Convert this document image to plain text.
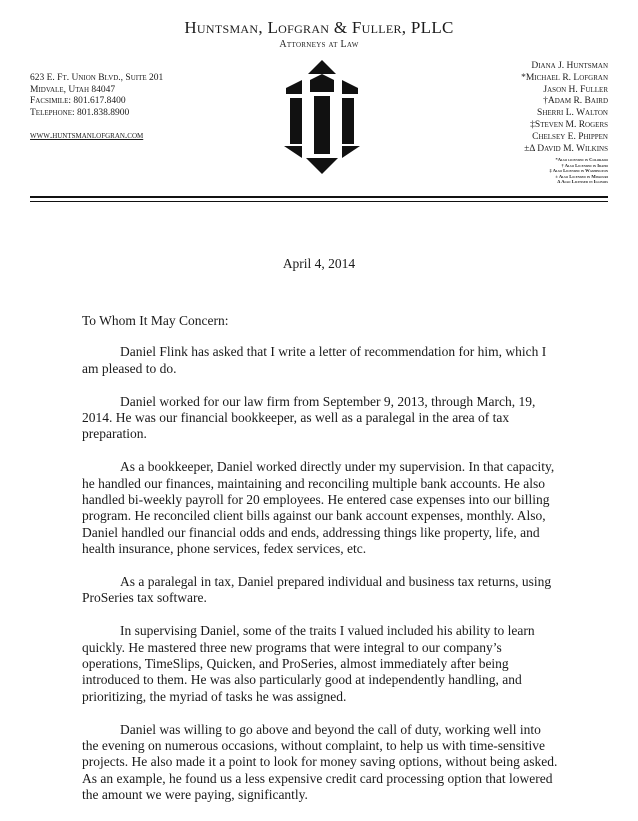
Huntsman, Lofgran & Fuller, PLLC
Attorneys at Law
623 E. Ft. Union Blvd., Suite 201
Midvale, Utah 84047
Facsimile: 801.617.8400
Telephone: 801.838.8900
www.huntsmanlofgran.com
Diana J. Huntsman
*Michael R. Lofgran
Jason H. Fuller
†Adam R. Baird
Sherri L. Walton
‡Steven M. Rogers
Chelsey E. Phippen
±Δ David M. Wilkins
*Also licensed in Colorado
† Also Licensed in Idaho
‡ Also Licensed in Washington
± Also Licensed in Missouri
Δ Also Licensed in Illinois
April 4, 2014

To Whom It May Concern:

Daniel Flink has asked that I write a letter of recommendation for him, which I am pleased to do.

Daniel worked for our law firm from September 9, 2013, through March, 19, 2014. He was our financial bookkeeper, as well as a paralegal in the area of tax preparation.

As a bookkeeper, Daniel worked directly under my supervision. In that capacity, he handled our finances, maintaining and reconciling multiple bank accounts. He also handled bi-weekly payroll for 20 employees. He entered case expenses into our billing program. He reconciled client bills against our bank account expenses, monthly. Also, Daniel handled our financial odds and ends, addressing things like property, life, and health insurance, phone services, fedex services, etc.

As a paralegal in tax, Daniel prepared individual and business tax returns, using ProSeries tax software.

In supervising Daniel, some of the traits I valued included his ability to learn quickly. He mastered three new programs that were integral to our company’s operations, TimeSlips, Quicken, and ProSeries, almost immediately after being introduced to them. He was also particularly good at independently handling, and prioritizing, the myriad of tasks he was assigned.

Daniel was willing to go above and beyond the call of duty, working well into the evening on numerous occasions, without complaint, to help us with time-sensitive projects. He also made it a point to look for money saving options, without being asked. As an example, he found us a less expensive credit card processing option that lowered the amount we were paying, significantly.
